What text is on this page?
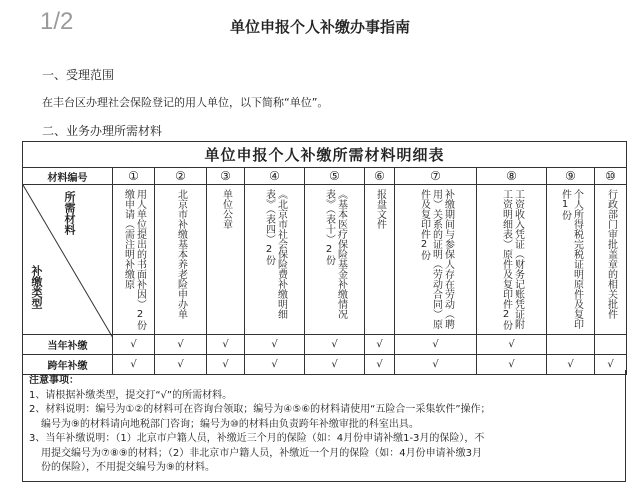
1/2	单位申报个人补缴办事指南
一、受理范围
在丰台区办理社会保险登记的用人单位，以下简称“单位”。
二、业务办理所需材料
单位申报个人补缴所需材料明细表										
材料编号	①	②	③	④	⑤	⑥	⑦	⑧	⑨	⑩

所需材料
补缴类型	用人单位提出的书面补因）2份缴申请（需注明补缴原	北京市补缴基本养老险申办单	单位公章	《北京市社会保险费补缴明细表》（表四）2份	《基本医疗保险基金补缴情况表》（表十）2份	报盘文件	补缴期间与参保人存在劳动（聘用）关系的证明（劳动合同）原件及复印件2份	工资收入凭证（财务记账凭证附工资明细表）原件及复印件2份	个人所得税完税证明原件及复印件1份	行政部门审批盖章的相关批件
当年补缴	√	√	√	√	√	√	√	√		
跨年补缴	√	√	√	√	√	√	√	√	√	√
注意事项：
1、请根据补缴类型，提交打“√”的所需材料。
2、材料说明：编号为①②的材料可在咨询台领取；编号为④⑤⑥的材料请使用“五险合一采集软件”操作；
编号为⑨的材料请向地税部门咨询；编号为⑩的材料由负责跨年补缴审批的科室出具。
3、当年补缴说明：（1）北京市户籍人员，补缴近三个月的保险（如：4月份申请补缴1-3月的保险），不
用提交编号为⑦⑧⑨的材料；（2）非北京市户籍人员，补缴近一个月的保险（如：4月份申请补缴3月
份的保险），不用提交编号为⑨的材料。
